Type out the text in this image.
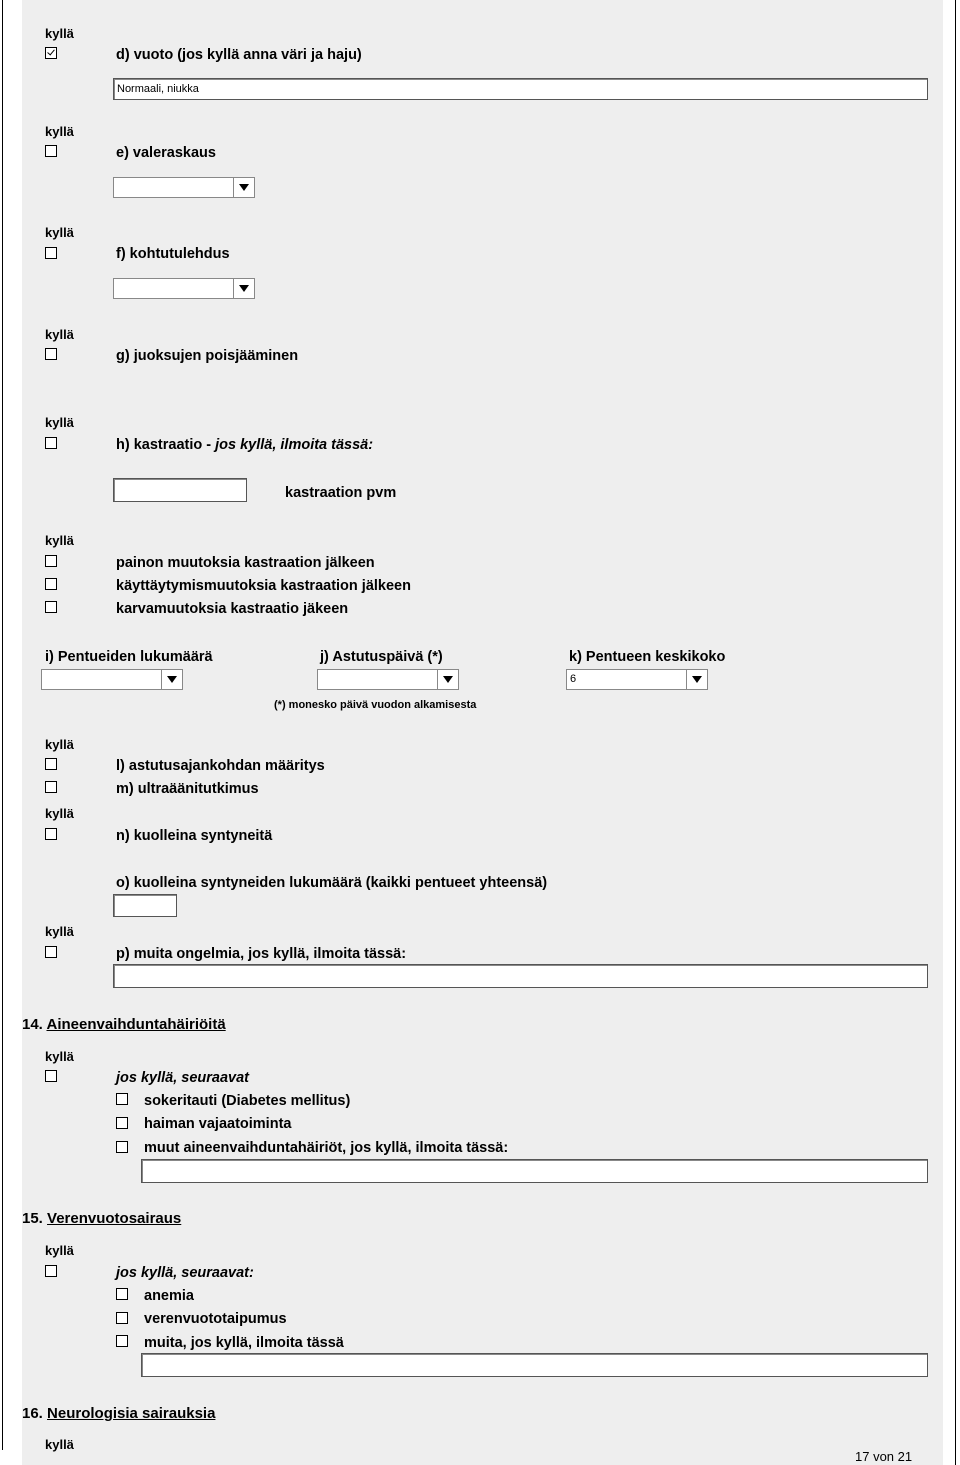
kyllä
d) vuoto (jos kyllä anna väri ja haju)
Normaali, niukka
kyllä
e) valeraskaus
kyllä
f) kohtutulehdus
kyllä
g) juoksujen poisjääminen
kyllä
h) kastraatio - jos kyllä, ilmoita tässä:
kastraation pvm
kyllä
painon muutoksia kastraation jälkeen
käyttäytymismuutoksia kastraation jälkeen
karvamuutoksia kastraatio jäkeen
i) Pentueiden lukumäärä	j) Astutuspäivä (*)	k) Pentueen keskikoko
6
(*) monesko päivä vuodon alkamisesta
kyllä
l) astutusajankohdan määritys
m) ultraäänitutkimus
kyllä
n) kuolleina syntyneitä
o) kuolleina syntyneiden lukumäärä (kaikki pentueet yhteensä)
kyllä
p) muita ongelmia, jos kyllä, ilmoita tässä:
14. Aineenvaihduntahäiriöitä
kyllä
jos kyllä, seuraavat
sokeritauti (Diabetes mellitus)
haiman vajaatoiminta
muut aineenvaihduntahäiriöt, jos kyllä, ilmoita tässä:
15. Verenvuotosairaus
kyllä
jos kyllä, seuraavat:
anemia
verenvuototaipumus
muita, jos kyllä, ilmoita tässä
16. Neurologisia sairauksia
kyllä
17 von 21
